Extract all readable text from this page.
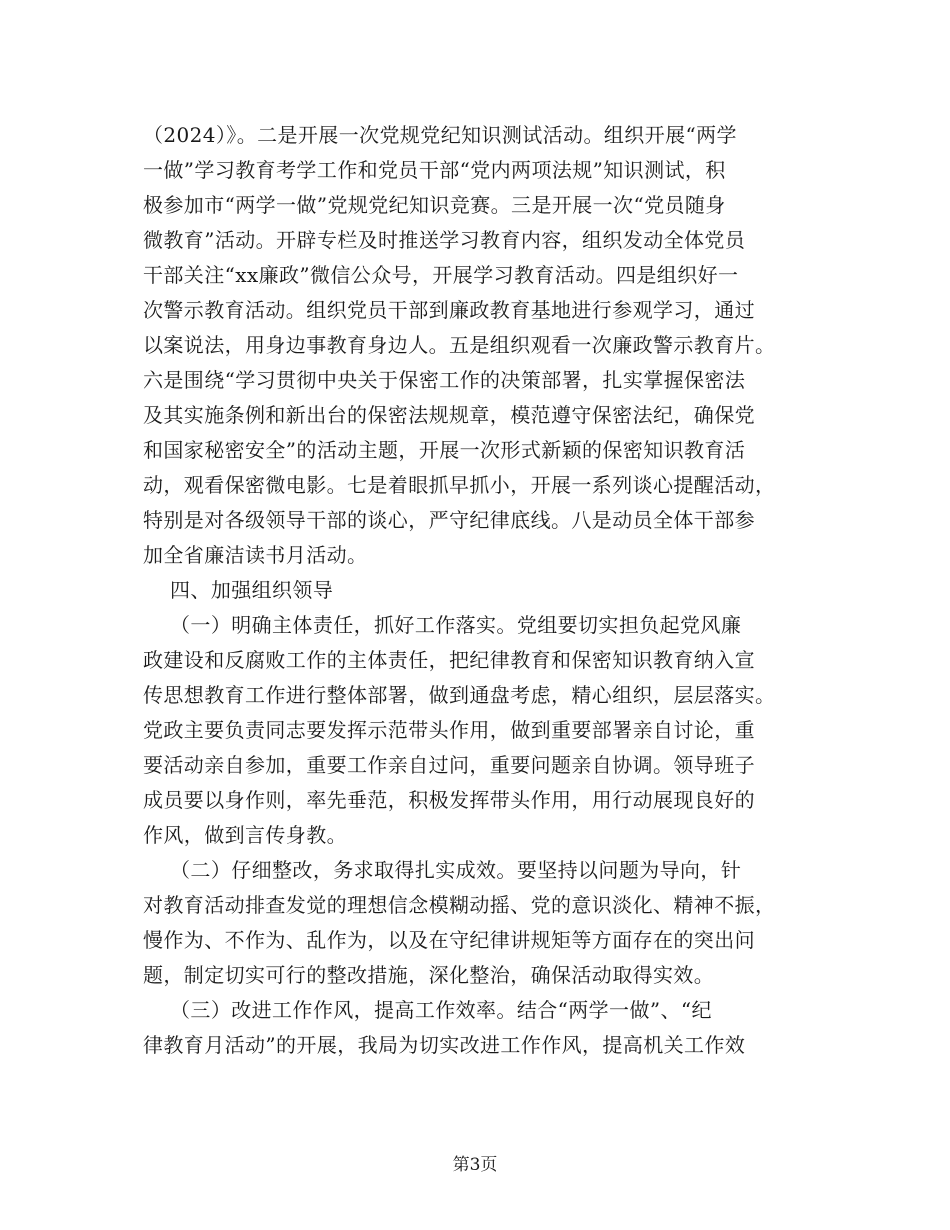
（2024）》。二是开展一次党规党纪知识测试活动。组织开展“两学
一做”学习教育考学工作和党员干部“党内两项法规”知识测试，积
极参加市“两学一做”党规党纪知识竞赛。三是开展一次“党员随身
微教育”活动。开辟专栏及时推送学习教育内容，组织发动全体党员
干部关注“xx廉政”微信公众号，开展学习教育活动。四是组织好一
次警示教育活动。组织党员干部到廉政教育基地进行参观学习，通过
以案说法，用身边事教育身边人。五是组织观看一次廉政警示教育片。
六是围绕“学习贯彻中央关于保密工作的决策部署，扎实掌握保密法
及其实施条例和新出台的保密法规规章，模范遵守保密法纪，确保党
和国家秘密安全”的活动主题，开展一次形式新颖的保密知识教育活
动，观看保密微电影。七是着眼抓早抓小，开展一系列谈心提醒活动，
特别是对各级领导干部的谈心，严守纪律底线。八是动员全体干部参
加全省廉洁读书月活动。
四、加强组织领导
（一）明确主体责任，抓好工作落实。党组要切实担负起党风廉
政建设和反腐败工作的主体责任，把纪律教育和保密知识教育纳入宣
传思想教育工作进行整体部署，做到通盘考虑，精心组织，层层落实。
党政主要负责同志要发挥示范带头作用，做到重要部署亲自讨论，重
要活动亲自参加，重要工作亲自过问，重要问题亲自协调。领导班子
成员要以身作则，率先垂范，积极发挥带头作用，用行动展现良好的
作风，做到言传身教。
（二）仔细整改，务求取得扎实成效。要坚持以问题为导向，针
对教育活动排查发觉的理想信念模糊动摇、党的意识淡化、精神不振，
慢作为、不作为、乱作为，以及在守纪律讲规矩等方面存在的突出问
题，制定切实可行的整改措施，深化整治，确保活动取得实效。
（三）改进工作作风，提高工作效率。结合“两学一做”、“纪
律教育月活动”的开展，我局为切实改进工作作风，提高机关工作效
第3页
